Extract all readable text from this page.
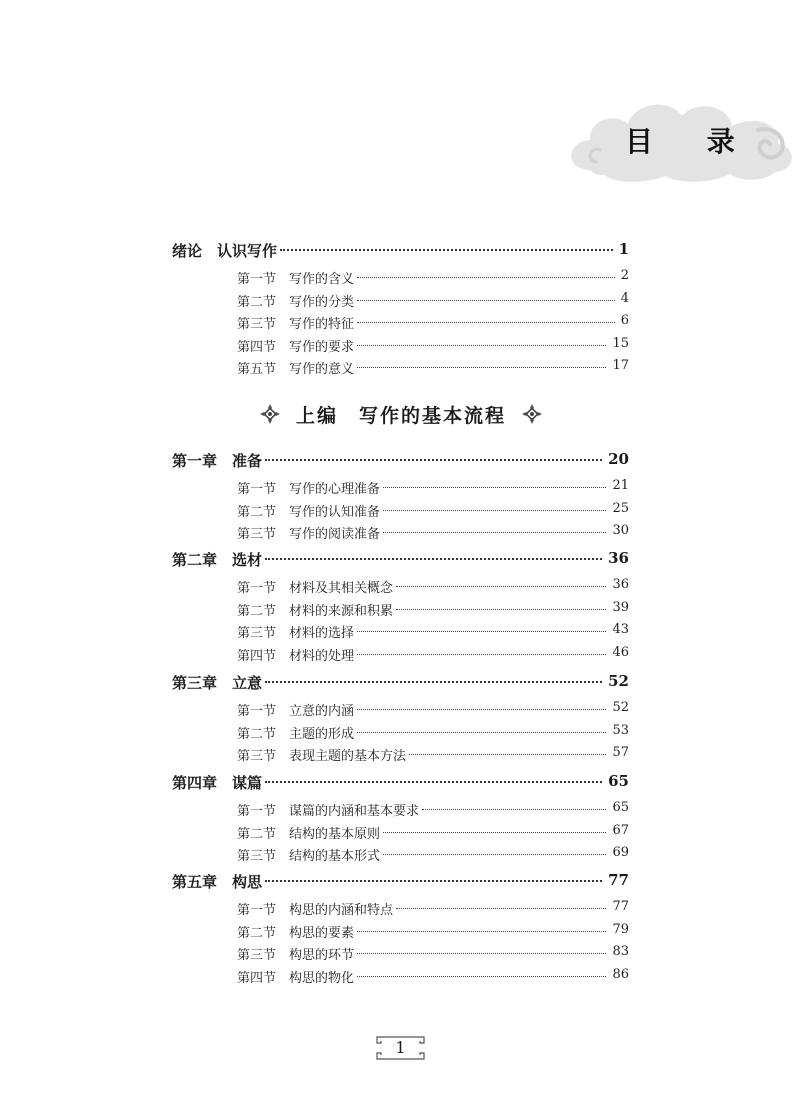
目 录
绪论　认识写作	1
第一节　写作的含义	2
第二节　写作的分类	4
第三节　写作的特征	6
第四节　写作的要求	15
第五节　写作的意义	17
第一章　准备	20
第一节　写作的心理准备	21
第二节　写作的认知准备	25
第三节　写作的阅读准备	30
第二章　选材	36
第一节　材料及其相关概念	36
第二节　材料的来源和积累	39
第三节　材料的选择	43
第四节　材料的处理	46
第三章　立意	52
第一节　立意的内涵	52
第二节　主题的形成	53
第三节　表现主题的基本方法	57
第四章　谋篇	65
第一节　谋篇的内涵和基本要求	65
第二节　结构的基本原则	67
第三节　结构的基本形式	69
第五章　构思	77
第一节　构思的内涵和特点	77
第二节　构思的要素	79
第三节　构思的环节	83
第四节　构思的物化	86
上编　写作的基本流程
1
